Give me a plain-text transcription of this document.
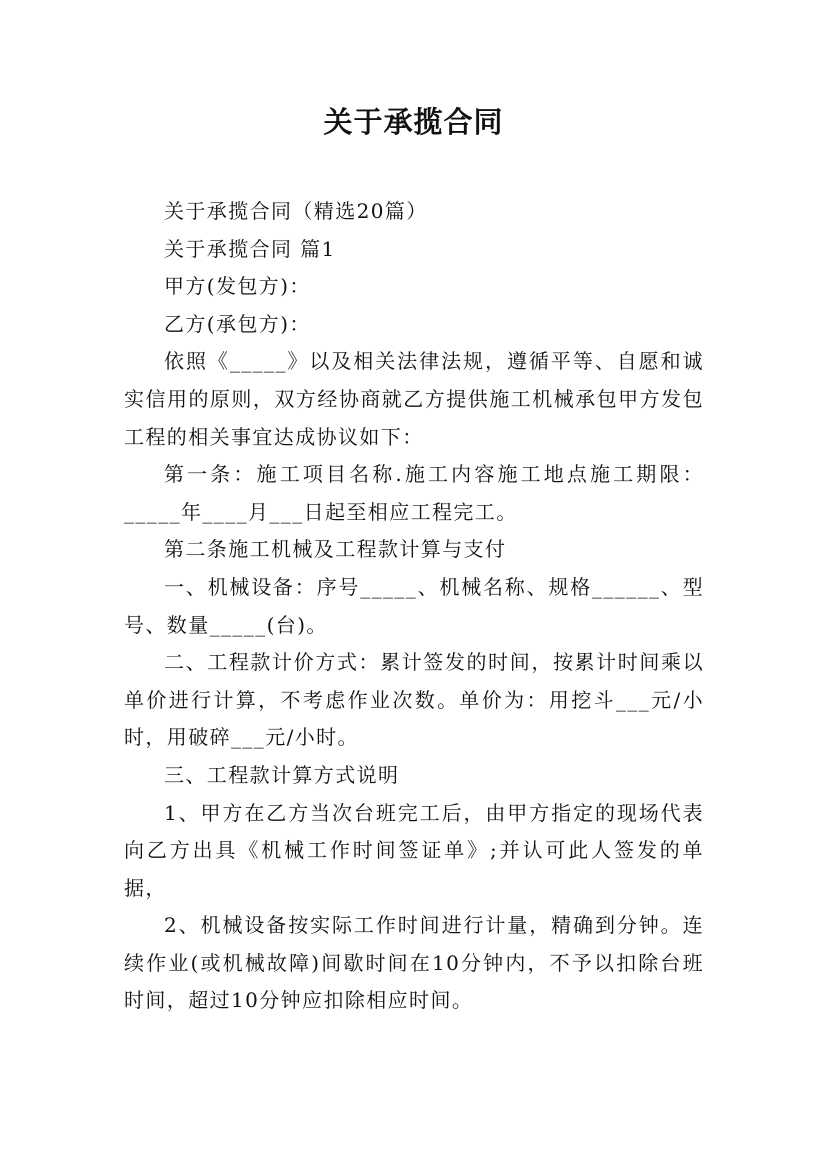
关于承揽合同

关于承揽合同（精选20篇）

关于承揽合同 篇1

甲方(发包方)：

乙方(承包方)：

依照《_____》以及相关法律法规，遵循平等、自愿和诚实信用的原则，双方经协商就乙方提供施工机械承包甲方发包工程的相关事宜达成协议如下：

第一条：施工项目名称.施工内容施工地点施工期限：_____年____月___日起至相应工程完工。

第二条施工机械及工程款计算与支付

一、机械设备：序号_____、机械名称、规格______、型号、数量_____(台)。

二、工程款计价方式：累计签发的时间，按累计时间乘以单价进行计算，不考虑作业次数。单价为：用挖斗___元/小时，用破碎___元/小时。

三、工程款计算方式说明

1、甲方在乙方当次台班完工后，由甲方指定的现场代表向乙方出具《机械工作时间签证单》;并认可此人签发的单据，

2、机械设备按实际工作时间进行计量，精确到分钟。连续作业(或机械故障)间歇时间在10分钟内，不予以扣除台班时间，超过10分钟应扣除相应时间。
